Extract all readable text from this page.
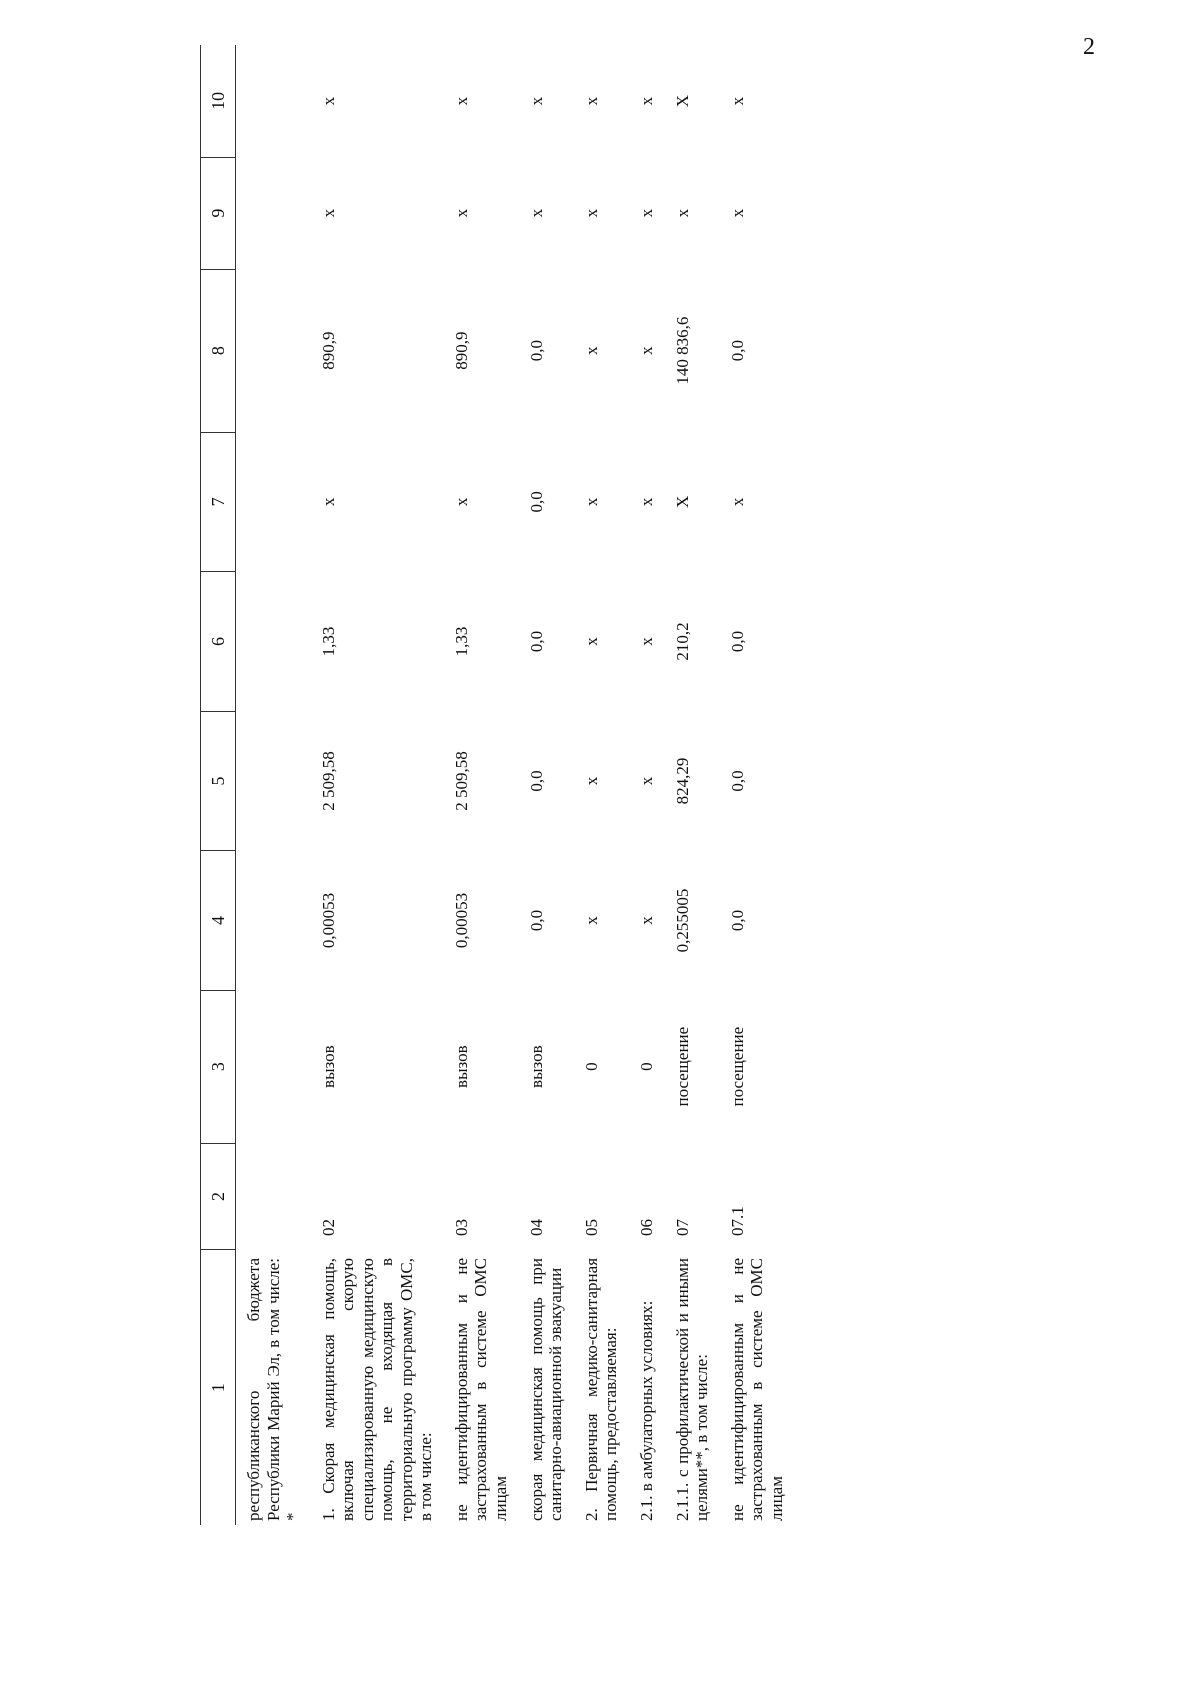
2
1	2	3	4	5	6	7	8	9	10
республиканского бюджета Республики Марий Эл, в том числе: *									
1. Скорая медицинская помощь, включая скорую специализированную медицинскую помощь, не входящая в территориальную программу ОМС, в том числе:	02	вызов	0,00053	2 509,58	1,33	x	890,9	x	x
не идентифицированным и не застрахованным в системе ОМС лицам	03	вызов	0,00053	2 509,58	1,33	x	890,9	x	x
скорая медицинская помощь при санитарно-авиационной эвакуации	04	вызов	0,0	0,0	0,0	0,0	0,0	x	x
2. Первичная медико-санитарная помощь, предоставляемая:	05	0	x	x	x	x	x	x	x
2.1. в амбулаторных условиях:	06	0	x	x	x	x	x	x	x
2.1.1. с профилактической и иными целями**, в том числе:	07	посещение	0,255005	824,29	210,2	X	140 836,6	x	X
не идентифицированным и не застрахованным в системе ОМС лицам	07.1	посещение	0,0	0,0	0,0	x	0,0	x	x
